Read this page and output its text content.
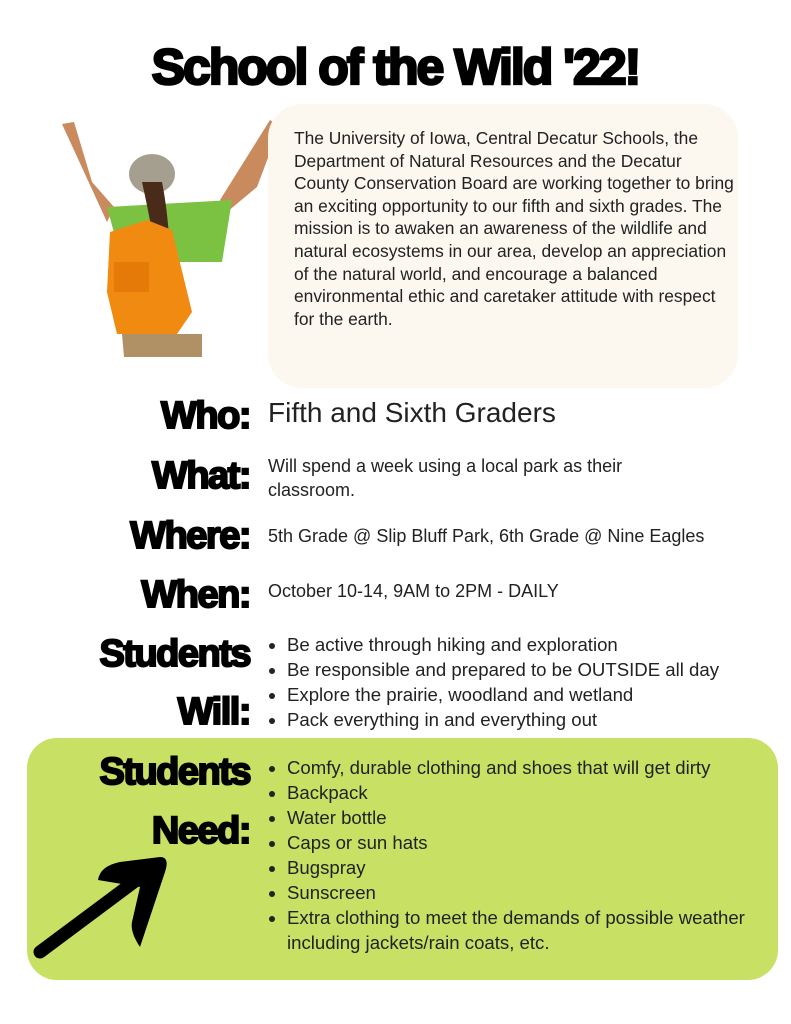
School of the Wild '22!
The University of Iowa, Central Decatur Schools, the Department of Natural Resources and the Decatur County Conservation Board are working together to bring an exciting opportunity to our fifth and sixth grades. The mission is to awaken an awareness of the wildlife and natural ecosystems in our area, develop an appreciation of the natural world, and encourage a balanced environmental ethic and caretaker attitude with respect for the earth.
Who: Fifth and Sixth Graders
What: Will spend a week using a local park as their classroom.
Where: 5th Grade @ Slip Bluff Park, 6th Grade @ Nine Eagles
When: October 10-14, 9AM to 2PM - DAILY
Students
Will:
• Be active through hiking and exploration
• Be responsible and prepared to be OUTSIDE all day
• Explore the prairie, woodland and wetland
• Pack everything in and everything out
Students
Need:
• Comfy, durable clothing and shoes that will get dirty
• Backpack
• Water bottle
• Caps or sun hats
• Bugspray
• Sunscreen
• Extra clothing to meet the demands of possible weather including jackets/rain coats, etc.
